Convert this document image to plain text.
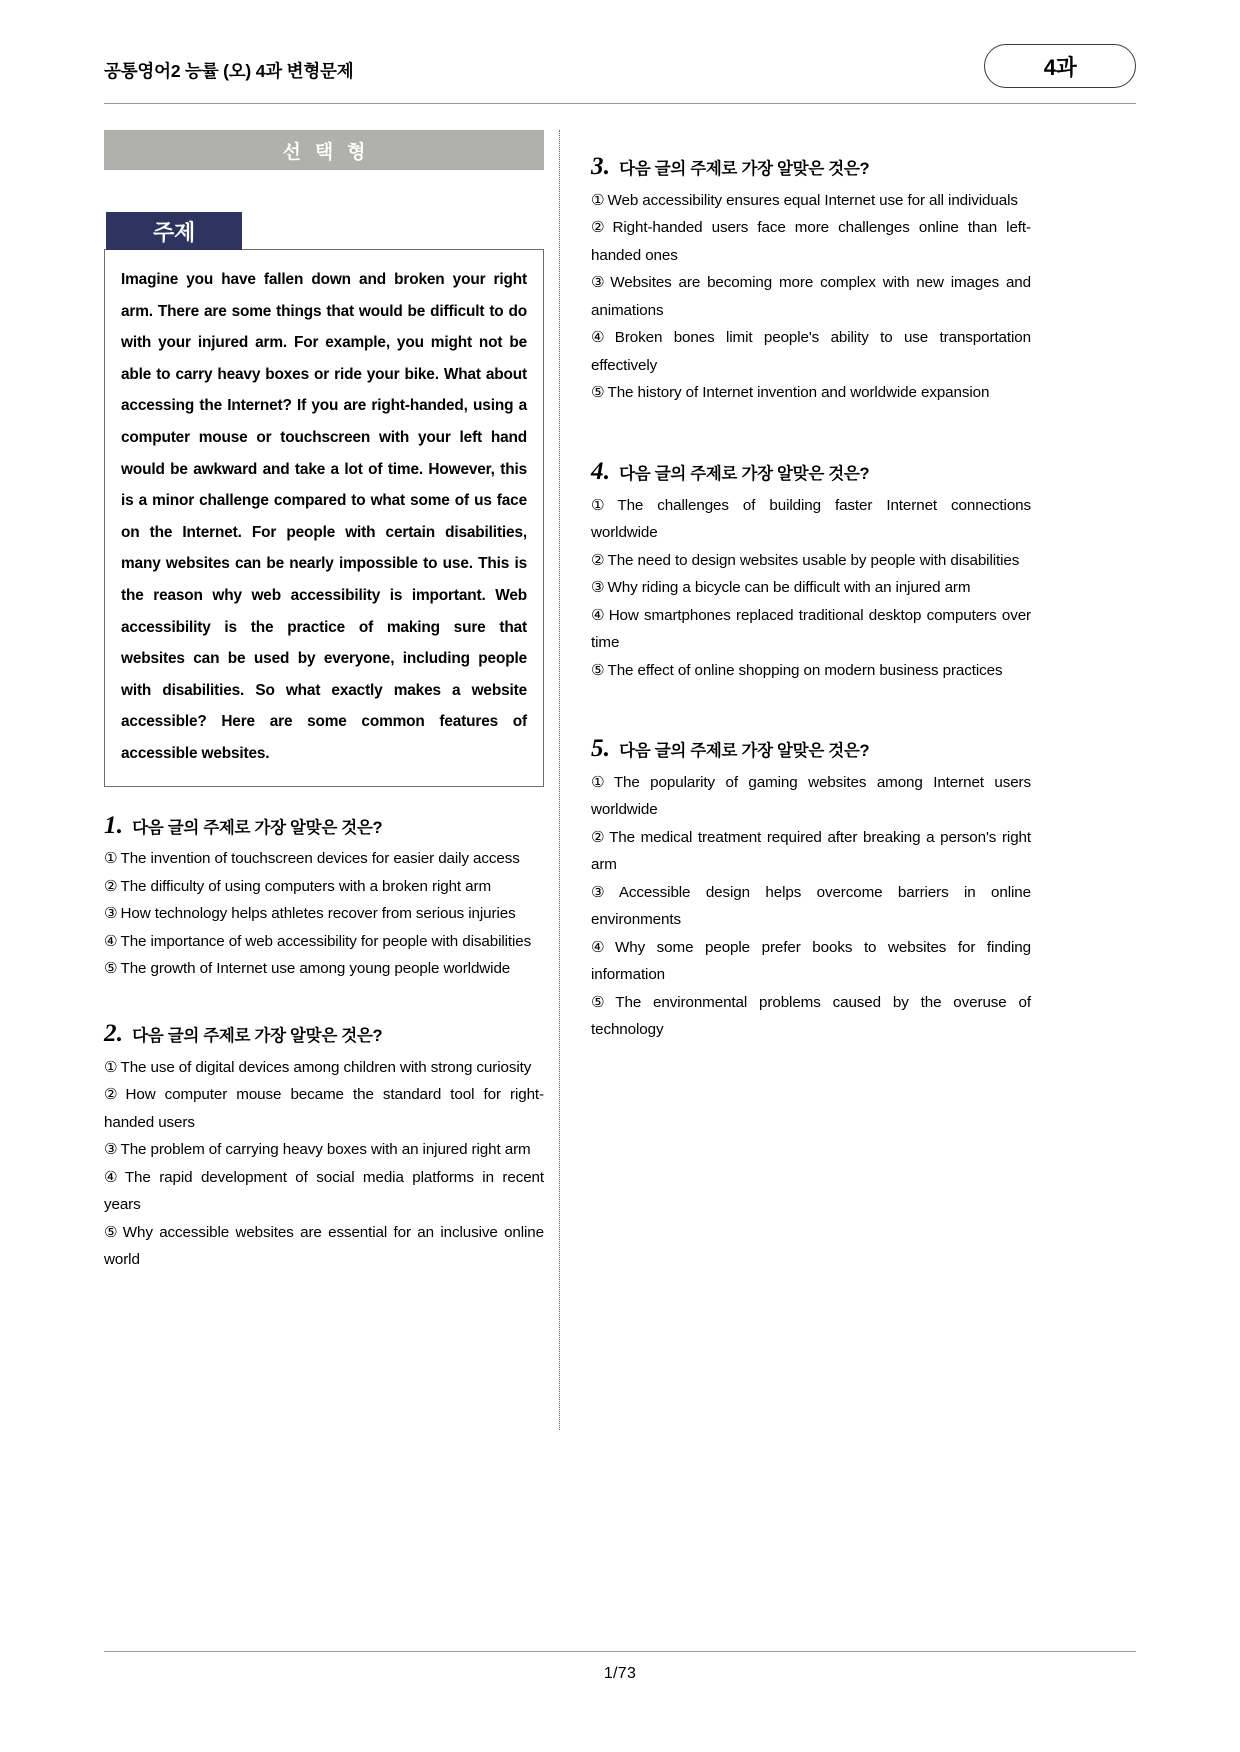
공통영어2 능률 (오) 4과 변형문제	4과
선택형
주제

Imagine you have fallen down and broken your right arm. There are some things that would be difficult to do with your injured arm. For example, you might not be able to carry heavy boxes or ride your bike. What about accessing the Internet? If you are right-handed, using a computer mouse or touchscreen with your left hand would be awkward and take a lot of time. However, this is a minor challenge compared to what some of us face on the Internet. For people with certain disabilities, many websites can be nearly impossible to use. This is the reason why web accessibility is important. Web accessibility is the practice of making sure that websites can be used by everyone, including people with disabilities. So what exactly makes a website accessible? Here are some common features of accessible websites.

1. 다음 글의 주제로 가장 알맞은 것은?
① The invention of touchscreen devices for easier daily access
② The difficulty of using computers with a broken right arm
③ How technology helps athletes recover from serious injuries
④ The importance of web accessibility for people with disabilities
⑤ The growth of Internet use among young people worldwide
2. 다음 글의 주제로 가장 알맞은 것은?
① The use of digital devices among children with strong curiosity
② How computer mouse became the standard tool for right-handed users
③ The problem of carrying heavy boxes with an injured right arm
④ The rapid development of social media platforms in recent years
⑤ Why accessible websites are essential for an inclusive online world
3. 다음 글의 주제로 가장 알맞은 것은?
① Web accessibility ensures equal Internet use for all individuals
② Right-handed users face more challenges online than left-handed ones
③ Websites are becoming more complex with new images and animations
④ Broken bones limit people's ability to use transportation effectively
⑤ The history of Internet invention and worldwide expansion
4. 다음 글의 주제로 가장 알맞은 것은?
① The challenges of building faster Internet connections worldwide
② The need to design websites usable by people with disabilities
③ Why riding a bicycle can be difficult with an injured arm
④ How smartphones replaced traditional desktop computers over time
⑤ The effect of online shopping on modern business practices
5. 다음 글의 주제로 가장 알맞은 것은?
① The popularity of gaming websites among Internet users worldwide
② The medical treatment required after breaking a person's right arm
③ Accessible design helps overcome barriers in online environments
④ Why some people prefer books to websites for finding information
⑤ The environmental problems caused by the overuse of technology
1/73
